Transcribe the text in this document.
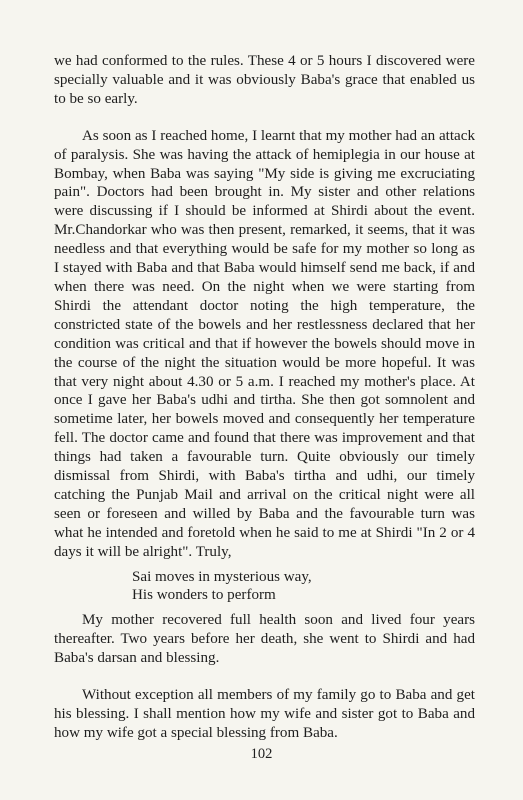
we had conformed to the rules. These 4 or 5 hours I discovered were specially valuable and it was obviously Baba's grace that enabled us to be so early.

As soon as I reached home, I learnt that my mother had an attack of paralysis. She was having the attack of hemiplegia in our house at Bombay, when Baba was saying "My side is giving me excruciating pain". Doctors had been brought in. My sister and other relations were discussing if I should be informed at Shirdi about the event. Mr.Chandorkar who was then present, remarked, it seems, that it was needless and that everything would be safe for my mother so long as I stayed with Baba and that Baba would himself send me back, if and when there was need. On the night when we were starting from Shirdi the attendant doctor noting the high temperature, the constricted state of the bowels and her restlessness declared that her condition was critical and that if however the bowels should move in the course of the night the situation would be more hopeful. It was that very night about 4.30 or 5 a.m. I reached my mother's place. At once I gave her Baba's udhi and tirtha. She then got somnolent and sometime later, her bowels moved and consequently her temperature fell. The doctor came and found that there was improvement and that things had taken a favourable turn. Quite obviously our timely dismissal from Shirdi, with Baba's tirtha and udhi, our timely catching the Punjab Mail and arrival on the critical night were all seen or foreseen and willed by Baba and the favourable turn was what he intended and foretold when he said to me at Shirdi "In 2 or 4 days it will be alright". Truly,

Sai moves in mysterious way,
His wonders to perform

My mother recovered full health soon and lived four years thereafter. Two years before her death, she went to Shirdi and had Baba's darsan and blessing.

Without exception all members of my family go to Baba and get his blessing. I shall mention how my wife and sister got to Baba and how my wife got a special blessing from Baba.

102
